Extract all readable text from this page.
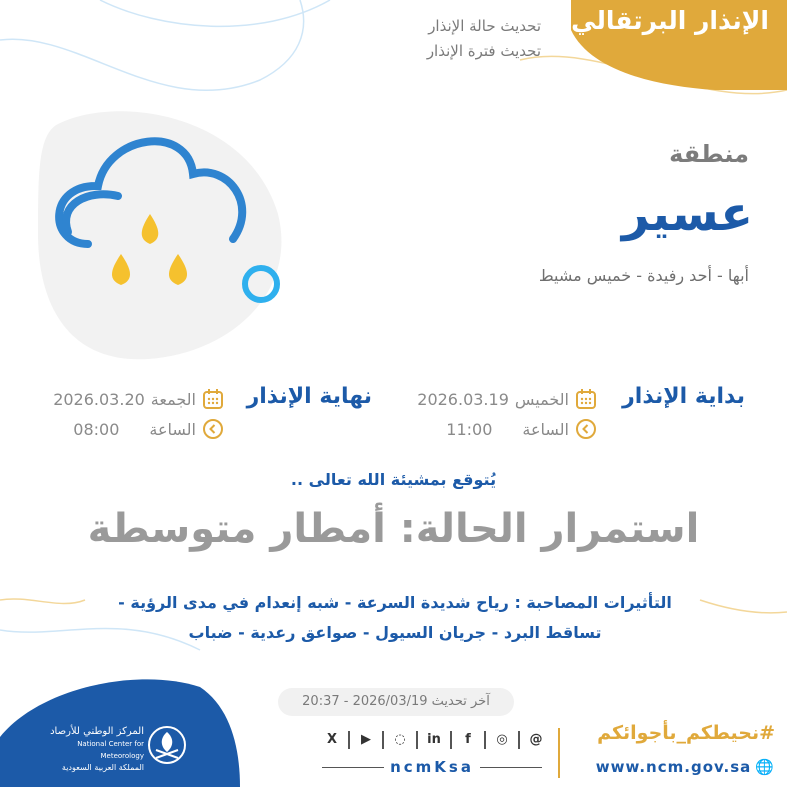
الإنذار البرتقالي
تحديث حالة الإنذار
تحديث فترة الإنذار
منطقة
عسير
أبها - أحد رفيدة - خميس مشيط
بداية الإنذار
الخميس
2026.03.19
الساعة
11:00
نهاية الإنذار
الجمعة
2026.03.20
الساعة
08:00
يُتوقع بمشيئة الله تعالى ..
استمرار الحالة: أمطار متوسطة
التأثيرات المصاحبة : رياح شديدة السرعة - شبه إنعدام في مدى الرؤية -
تساقط البرد - جريان السيول - صواعق رعدية - ضباب
آخر تحديث 2026/03/19 - 20:37
المركز الوطني للأرصاد
National Center for Meteorology
المملكة العربية السعودية
X	▶	◌	in	f	◎	@
ncmKsa
#نحيطكم_بأجوائكم
www.ncm.gov.sa 🌐
